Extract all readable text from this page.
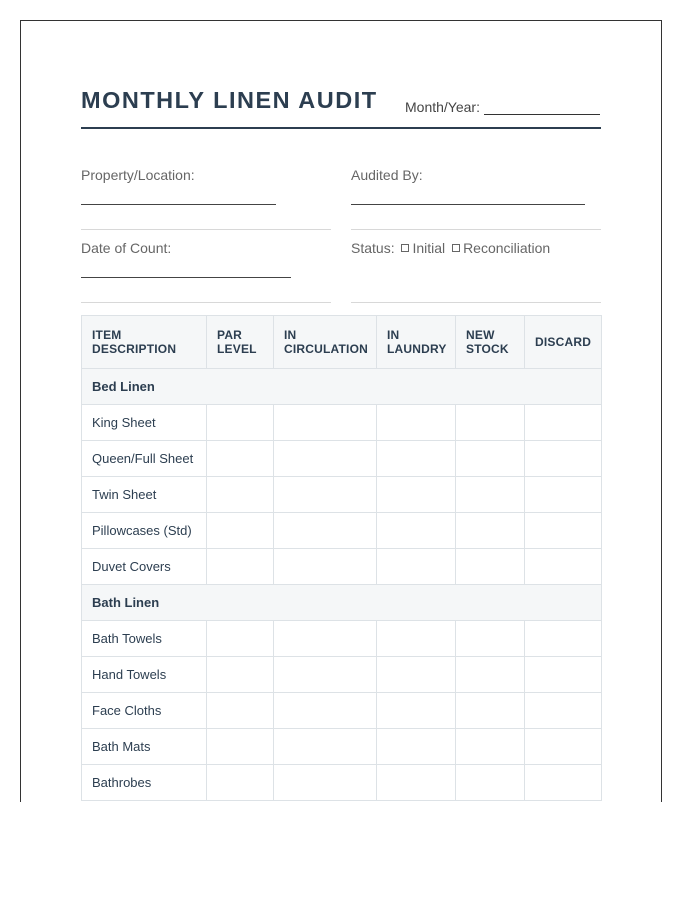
MONTHLY LINEN AUDIT Month/Year:
Property/Location:	Audited By:
Date of Count:	Status: Initial Reconciliation
ITEM DESCRIPTION	PAR LEVEL	IN CIRCULATION	IN LAUNDRY	NEW STOCK	DISCARD
Bed Linen					
King Sheet					
Queen/Full Sheet					
Twin Sheet					
Pillowcases (Std)					
Duvet Covers					
Bath Linen					
Bath Towels					
Hand Towels					
Face Cloths					
Bath Mats					
Bathrobes					
